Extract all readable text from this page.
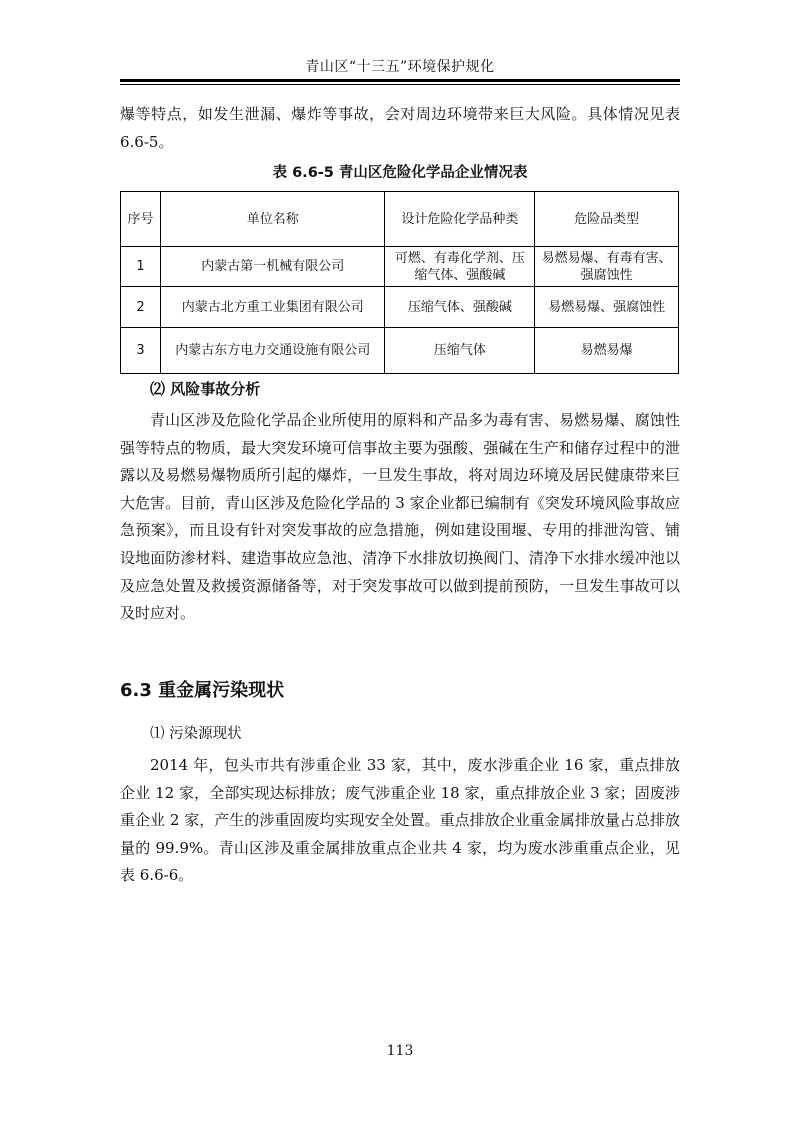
青山区“十三五”环境保护规化
爆等特点，如发生泄漏、爆炸等事故，会对周边环境带来巨大风险。具体情况见表 6.6-5。
表 6.6-5 青山区危险化学品企业情况表
序号	单位名称	设计危险化学品种类	危险品类型
1	内蒙古第一机械有限公司	可燃、有毒化学剂、压缩气体、强酸碱	易燃易爆、有毒有害、强腐蚀性
2	内蒙古北方重工业集团有限公司	压缩气体、强酸碱	易燃易爆、强腐蚀性
3	内蒙古东方电力交通设施有限公司	压缩气体	易燃易爆
⑵ 风险事故分析
青山区涉及危险化学品企业所使用的原料和产品多为毒有害、易燃易爆、腐蚀性强等特点的物质，最大突发环境可信事故主要为强酸、强碱在生产和储存过程中的泄露以及易燃易爆物质所引起的爆炸，一旦发生事故，将对周边环境及居民健康带来巨大危害。目前，青山区涉及危险化学品的 3 家企业都已编制有《突发环境风险事故应急预案》，而且设有针对突发事故的应急措施，例如建设围堰、专用的排泄沟管、铺设地面防渗材料、建造事故应急池、清净下水排放切换阀门、清净下水排水缓冲池以及应急处置及救援资源储备等，对于突发事故可以做到提前预防，一旦发生事故可以及时应对。
6.3 重金属污染现状
⑴ 污染源现状
2014 年，包头市共有涉重企业 33 家，其中，废水涉重企业 16 家，重点排放企业 12 家，全部实现达标排放；废气涉重企业 18 家，重点排放企业 3 家；固废涉重企业 2 家，产生的涉重固废均实现安全处置。重点排放企业重金属排放量占总排放量的 99.9%。青山区涉及重金属排放重点企业共 4 家，均为废水涉重重点企业，见表 6.6-6。
113
